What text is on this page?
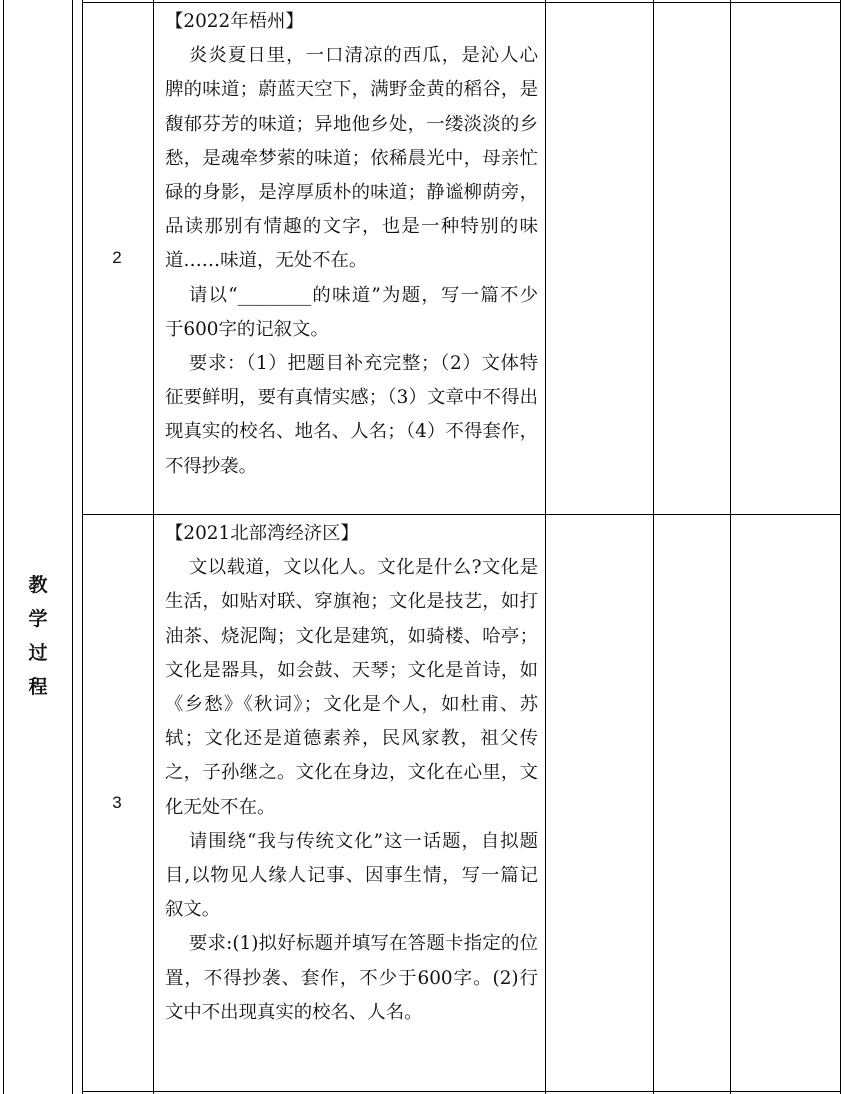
教
学
过
程
2

【2022年梧州】

炎炎夏日里，一口清凉的西瓜，是沁人心脾的味道；蔚蓝天空下，满野金黄的稻谷，是馥郁芬芳的味道；异地他乡处，一缕淡淡的乡愁，是魂牵梦萦的味道；依稀晨光中，母亲忙碌的身影，是淳厚质朴的味道；静谧柳荫旁，品读那别有情趣的文字，也是一种特别的味道……味道，无处不在。

请以“________的味道”为题，写一篇不少于600字的记叙文。

要求：（1）把题目补充完整；（2）文体特征要鲜明，要有真情实感；（3）文章中不得出现真实的校名、地名、人名；（4）不得套作，不得抄袭。

3

【2021北部湾经济区】

文以载道，文以化人。文化是什么?文化是生活，如贴对联、穿旗袍；文化是技艺，如打油茶、烧泥陶；文化是建筑，如骑楼、哈亭；文化是器具，如会鼓、天琴；文化是首诗，如《乡愁》《秋词》；文化是个人，如杜甫、苏轼；文化还是道德素养，民风家教，祖父传之，子孙继之。文化在身边，文化在心里，文化无处不在。

请围绕“我与传统文化”这一话题，自拟题目,以物见人缘人记事、因事生情，写一篇记叙文。

要求:(1)拟好标题并填写在答题卡指定的位置，不得抄袭、套作，不少于600字。(2)行文中不出现真实的校名、人名。
